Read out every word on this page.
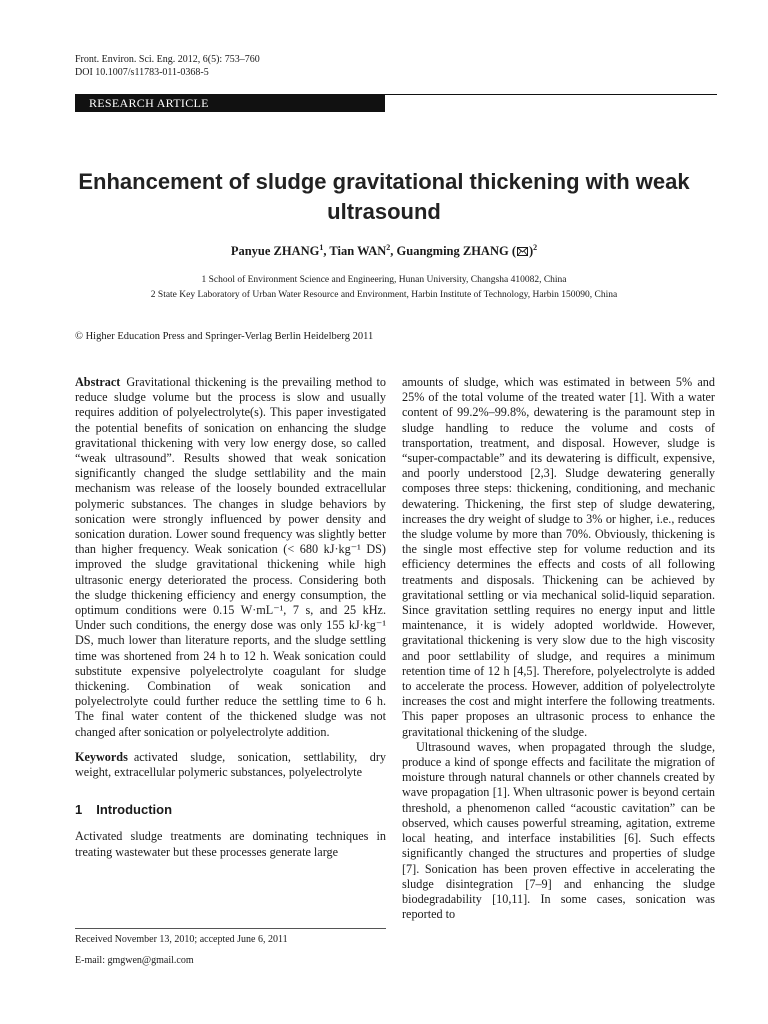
Front. Environ. Sci. Eng. 2012, 6(5): 753–760
DOI 10.1007/s11783-011-0368-5
RESEARCH ARTICLE
Enhancement of sludge gravitational thickening with weak ultrasound
Panyue ZHANG$^1$, Tian WAN$^2$, Guangming ZHANG ( )$^2$
1 School of Environment Science and Engineering, Hunan University, Changsha 410082, China
2 State Key Laboratory of Urban Water Resource and Environment, Harbin Institute of Technology, Harbin 150090, China
© Higher Education Press and Springer-Verlag Berlin Heidelberg 2011

Abstract Gravitational thickening is the prevailing method to reduce sludge volume but the process is slow and usually requires addition of polyelectrolyte(s). This paper investigated the potential benefits of sonication on enhancing the sludge gravitational thickening with very low energy dose, so called “weak ultrasound”. Results showed that weak sonication significantly changed the sludge settlability and the main mechanism was release of the loosely bounded extracellular polymeric substances. The changes in sludge behaviors by sonication were strongly influenced by power density and sonication duration. Lower sound frequency was slightly better than higher frequency. Weak sonication (< 680 kJ·kg⁻¹ DS) improved the sludge gravitational thickening while high ultrasonic energy deteriorated the process. Considering both the sludge thickening efficiency and energy consumption, the optimum conditions were 0.15 W·mL⁻¹, 7 s, and 25 kHz. Under such conditions, the energy dose was only 155 kJ·kg⁻¹ DS, much lower than literature reports, and the sludge settling time was shortened from 24 h to 12 h. Weak sonication could substitute expensive polyelectrolyte coagulant for sludge thickening. Combination of weak sonication and polyelectrolyte could further reduce the settling time to 6 h. The final water content of the thickened sludge was not changed after sonication or polyelectrolyte addition.

Keywords activated sludge, sonication, settlability, dry weight, extracellular polymeric substances, polyelectrolyte

1 Introduction

Activated sludge treatments are dominating techniques in treating wastewater but these processes generate large

amounts of sludge, which was estimated in between 5% and 25% of the total volume of the treated water [1]. With a water content of 99.2%–99.8%, dewatering is the paramount step in sludge handling to reduce the volume and costs of transportation, treatment, and disposal. However, sludge is “super-compactable” and its dewatering is difficult, expensive, and poorly understood [2,3]. Sludge dewatering generally composes three steps: thickening, conditioning, and mechanic dewatering. Thickening, the first step of sludge dewatering, increases the dry weight of sludge to 3% or higher, i.e., reduces the sludge volume by more than 70%. Obviously, thickening is the single most effective step for volume reduction and its efficiency determines the effects and costs of all following treatments and disposals. Thickening can be achieved by gravitational settling or via mechanical solid-liquid separation. Since gravitation settling requires no energy input and little maintenance, it is widely adopted worldwide. However, gravitational thickening is very slow due to the high viscosity and poor settlability of sludge, and requires a minimum retention time of 12 h [4,5]. Therefore, polyelectrolyte is added to accelerate the process. However, addition of polyelectrolyte increases the cost and might interfere the following treatments. This paper proposes an ultrasonic process to enhance the gravitational thickening of the sludge.

Ultrasound waves, when propagated through the sludge, produce a kind of sponge effects and facilitate the migration of moisture through natural channels or other channels created by wave propagation [1]. When ultrasonic power is beyond certain threshold, a phenomenon called “acoustic cavitation” can be observed, which causes powerful streaming, agitation, extreme local heating, and interface instabilities [6]. Such effects significantly changed the structures and properties of sludge [7]. Sonication has been proven effective in accelerating the sludge disintegration [7–9] and enhancing the sludge biodegradability [10,11]. In some cases, sonication was reported to

Received November 13, 2010; accepted June 6, 2011
E-mail: gmgwen@gmail.com
